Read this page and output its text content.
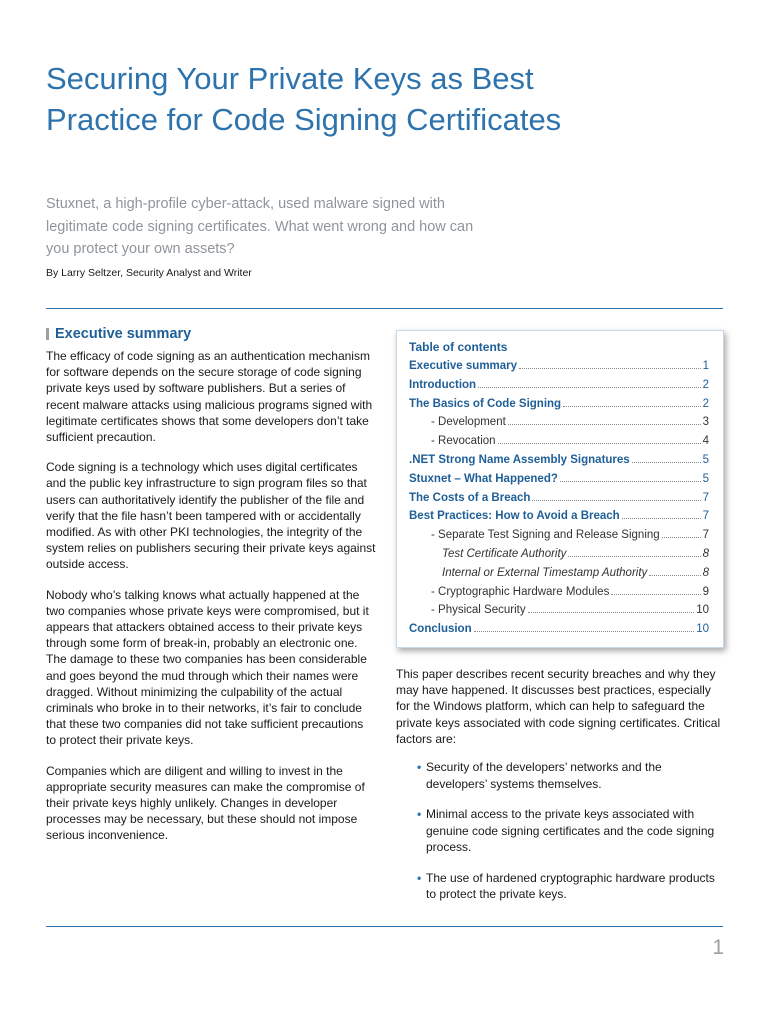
Securing Your Private Keys as Best Practice for Code Signing Certificates

Stuxnet, a high-profile cyber-attack, used malware signed with legitimate code signing certificates. What went wrong and how can you protect your own assets?

By Larry Seltzer, Security Analyst and Writer
Executive summary

The efficacy of code signing as an authentication mechanism for software depends on the secure storage of code signing private keys used by software publishers. But a series of recent malware attacks using malicious programs signed with legitimate certificates shows that some developers don’t take sufficient precaution.

Code signing is a technology which uses digital certificates and the public key infrastructure to sign program files so that users can authoritatively identify the publisher of the file and verify that the file hasn’t been tampered with or accidentally modified. As with other PKI technologies, the integrity of the system relies on publishers securing their private keys against outside access.

Nobody who’s talking knows what actually happened at the two companies whose private keys were compromised, but it appears that attackers obtained access to their private keys through some form of break-in, probably an electronic one. The damage to these two companies has been considerable and goes beyond the mud through which their names were dragged. Without minimizing the culpability of the actual criminals who broke in to their networks, it’s fair to conclude that these two companies did not take sufficient precautions to protect their private keys.

Companies which are diligent and willing to invest in the appropriate security measures can make the compromise of their private keys highly unlikely. Changes in developer processes may be necessary, but these should not impose serious inconvenience.

Table of contents
Executive summary	1
Introduction	2
The Basics of Code Signing	2
- Development	3
- Revocation	4
.NET Strong Name Assembly Signatures	5
Stuxnet – What Happened?	5
The Costs of a Breach	7
Best Practices: How to Avoid a Breach	7
- Separate Test Signing and Release Signing	7
Test Certificate Authority	8
Internal or External Timestamp Authority	8
- Cryptographic Hardware Modules	9
- Physical Security	10
Conclusion	10

This paper describes recent security breaches and why they may have happened. It discusses best practices, especially for the Windows platform, which can help to safeguard the private keys associated with code signing certificates. Critical factors are:

• Security of the developers’ networks and the developers’ systems themselves.
• Minimal access to the private keys associated with genuine code signing certificates and the code signing process.
• The use of hardened cryptographic hardware products to protect the private keys.
1
